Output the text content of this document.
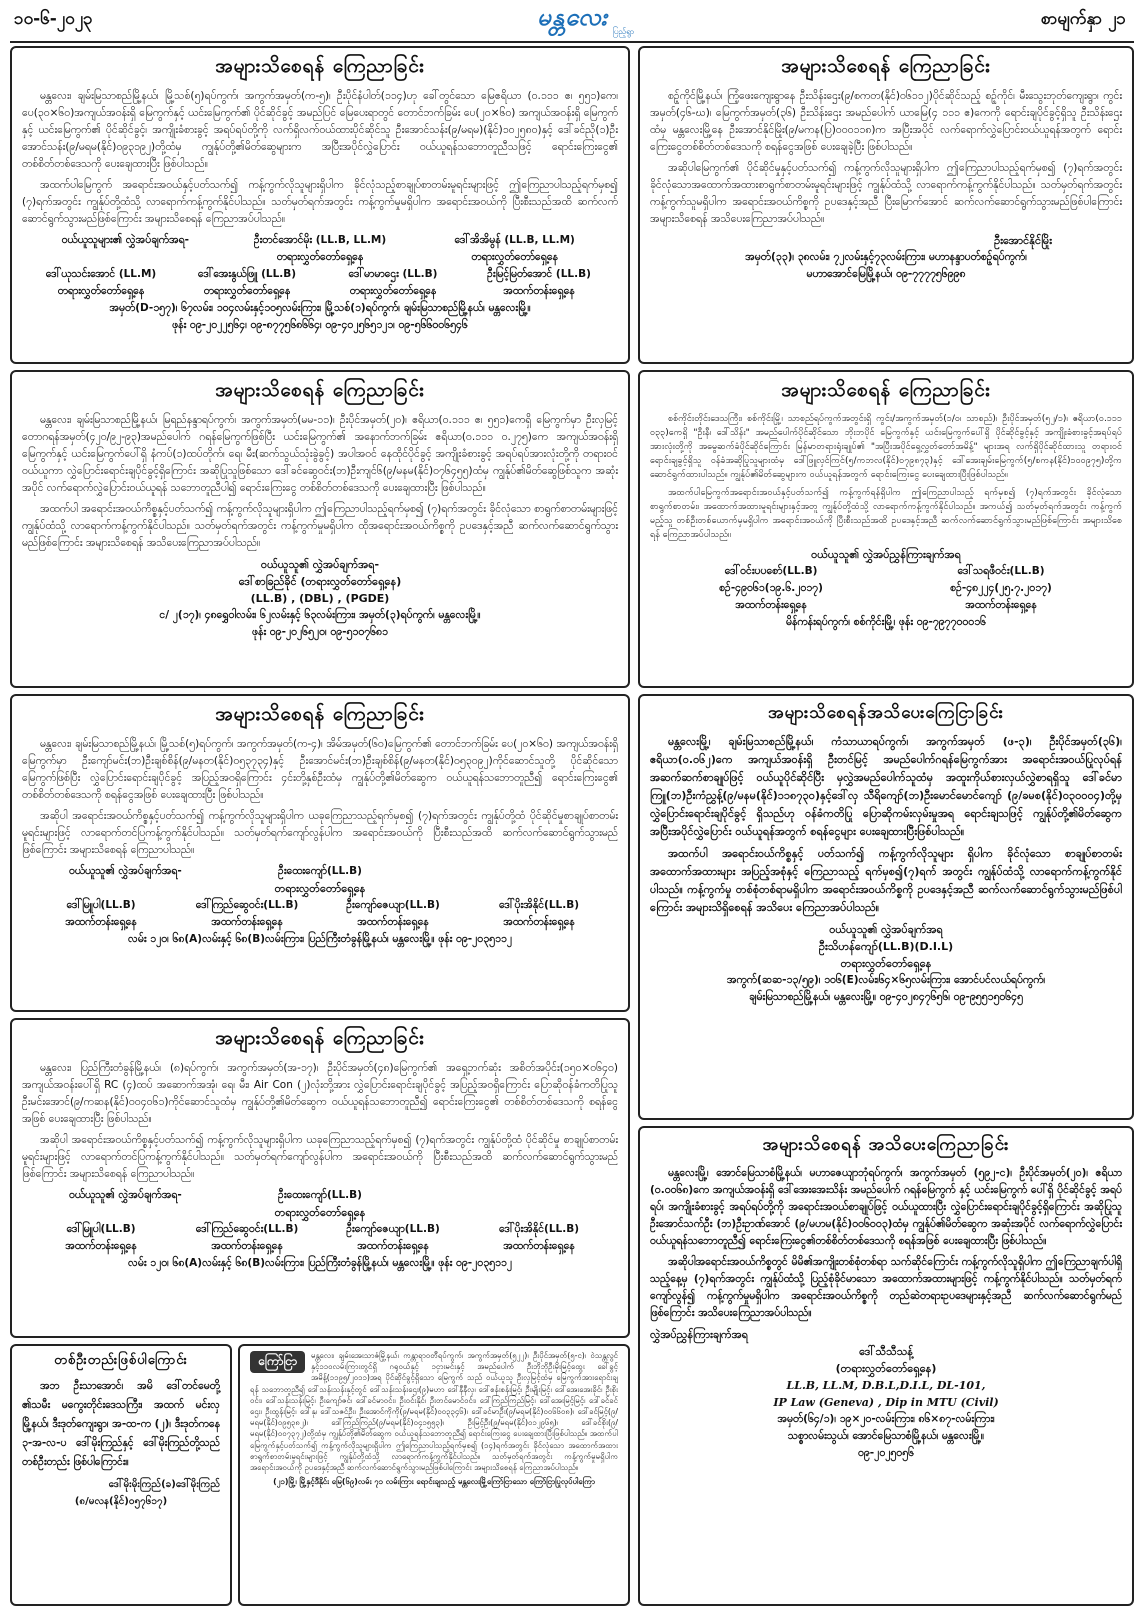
၁၀-၆-၂၀၂၃	မန္တလေး
ပြည့်ရွာ
စာမျက်နှာ ၂၁
အများသိစေရန် ကြေညာခြင်း

မန္တလေး၊ ချမ်းမြသာစည်မြို့နယ်၊ မြို့သစ်(၅)ရပ်ကွက်၊ အကွက်အမှတ်(က-၅)၊ ဦးပိုင်နံပါတ်(၁၁၄)ဟု ခေါ်တွင်သော မြေဧရိယာ (၀.၁၁၁ ဧ၊ ၅၅၁)ကေ၊ ပေ(၃၀×၆၀)အကျယ်အဝန်းရှိ မြေကွက်နှင့် ယင်းမြေကွက်၏ ပိုင်ဆိုင်ခွင့် အမည်ပြင် မြေပေးရာတွင် တောင်ဘက်ခြမ်း ပေ(၂၀×၆၀) အကျယ်အဝန်းရှိ မြေကွက်နှင့် ယင်းမြေကွက်၏ ပိုင်ဆိုင်ခွင့်၊ အကျိုးခံစားခွင့် အရပ်ရပ်တို့ကို လက်ရှိလက်ဝယ်ထားပိုင်ဆိုင်သူ ဦးအောင်သန်း(၉/မရမ)(နိုင်)၁၀၂၅၈၀)နှင့် ဒေါ်ခင်ညို(၁)ဦးအောင်သန်း(၉/မရမ(နိုင်)၀၉၃၁၉၂)တို့ထံမှ ကျွန်ုပ်တို့၏မိတ်ဆွေများက အပြီးအပိုင်လွှဲပြောင်း ဝယ်ယူရန်သဘောတူညီသဖြင့် ရောင်းကြေးငွေ၏ တစ်စိတ်တစ်ဒေသကို ပေးချေထားပြီး ဖြစ်ပါသည်။

အထက်ပါမြေကွက် အရောင်းအဝယ်နှင့်ပတ်သက်၍ ကန့်ကွက်လိုသူများရှိပါက ခိုင်လုံသည့်စာချုပ်စာတမ်းမူရင်းများဖြင့် ဤကြေညာပါသည့်ရက်မှစ၍ (၇)ရက်အတွင်း ကျွန်ုပ်တို့ထံသို့ လာရောက်ကန့်ကွက်နိုင်ပါသည်။ သတ်မှတ်ရက်အတွင်း ကန့်ကွက်မှုမရှိပါက အရောင်းအဝယ်ကို ပြီးစီးသည်အထိ ဆက်လက်ဆောင်ရွက်သွားမည်ဖြစ်ကြောင်း အများသိစေရန် ကြေညာအပ်ပါသည်။

ဝယ်ယူသူများ၏ လွှဲအပ်ချက်အရ-	ဦးတင်အောင်မိုး (LL.B, LL.M)	ဒေါ်အိအိမွန် (LL.B, LL.M)
တရားလွှတ်တော်ရှေ့နေ	တရားလွှတ်တော်ရှေ့နေ
ဒေါ်ယုသင်းအောင် (LL.M)	ဒေါ်အေးနွယ်ဖြူ (LL.B)	ဒေါ်မာမာဌေး (LL.B)	ဦးမြင့်မြတ်အောင် (LL.B)
တရားလွှတ်တော်ရှေ့နေ	တရားလွှတ်တော်ရှေ့နေ	တရားလွှတ်တော်ရှေ့နေ	အထက်တန်းရှေ့နေ
အမှတ်(D-၁၅၇)၊ ၆၇လမ်း၊ ၁၀၄လမ်းနှင့်၁၀၅လမ်းကြား၊ မြို့သစ်(၁)ရပ်ကွက်၊ ချမ်းမြသာစည်မြို့နယ်၊ မန္တလေးမြို့။
ဖုန်း ၀၉-၂၀၂၂၅၆၄၊ ၀၉-၈၇၇၅၆၈၆၆၄၊ ၀၉-၄၀၂၅၆၅၁၂၁၊ ၀၉-၅၆၆၀၀၆၅၄၆
အများသိစေရန် ကြေညာခြင်း

စဉ့်ကိုင်မြို့နယ်၊ ကြံ့ဖေးကျေးရွာနေ ဦးသိန်းဌေး(၉/စကတ(နိုင်)၀၆၁၁၂)ပိုင်ဆိုင်သည့် စဉ့်ကိုင်၊ မီးသွေးဘုတ်ကျေးရွာ၊ ကွင်းအမှတ်(၄၆-ဃ)၊ မြေကွက်အမှတ်(၃၆) ဦးသိန်းဌေး အမည်ပေါက် ယာမြေ(၄ ၁၁၁ ဧ)ကေကို ရောင်းချပိုင်ခွင့်ရှိသူ ဦးသိန်းဌေးထံမှ မန္တလေးမြို့နေ ဦးအောင်နိုင်မြိုး(၉/မကန(ပြ)၀၀၀၁၁၈)က အပြီးအပိုင် လက်ရောက်လွှဲပြောင်းဝယ်ယူရန်အတွက် ရောင်းကြေးငွေတစ်စိတ်တစ်ဒေသကို စရန်ငွေအဖြစ် ပေးချေခဲ့ပြီး ဖြစ်ပါသည်။

အဆိုပါမြေကွက်၏ ပိုင်ဆိုင်မှုနှင့်ပတ်သက်၍ ကန့်ကွက်လိုသူများရှိပါက ဤကြေညာပါသည့်ရက်မှစ၍ (၇)ရက်အတွင်း ခိုင်လုံသောအထောက်အထားစာရွက်စာတမ်းမူရင်းများဖြင့် ကျွန်ုပ်ထံသို့ လာရောက်ကန့်ကွက်နိုင်ပါသည်။ သတ်မှတ်ရက်အတွင်း ကန့်ကွက်သူမရှိပါက အရောင်းအဝယ်ကိစ္စကို ဥပဒေနှင့်အညီ ပြီးမြောက်အောင် ဆက်လက်ဆောင်ရွက်သွားမည်ဖြစ်ပါကြောင်း အများသိစေရန် အသိပေးကြေညာအပ်ပါသည်။

ဦးအောင်နိုင်မြိုး
အမှတ်(၃၃)၊ ၃၈လမ်း၊ ၇၂လမ်းနှင့်၇၃လမ်းကြား၊ မဟာနန္ဒာပတ်စဉ့်ရပ်ကွက်၊
မဟာအောင်မြေမြို့နယ်၊ ၀၉-၇၇၇၇၅၆၉၉၈
အများသိစေရန် ကြေညာခြင်း

မန္တလေး၊ ချမ်းမြသာစည်မြို့နယ်၊ မြရည်နန္ဒာရပ်ကွက်၊ အကွက်အမှတ်(မမ-၁၁)၊ ဦးပိုင်အမှတ်(၂၀)၊ ဧရိယာ(၀.၁၁၁ ဧ၊ ၅၅၁)ကေရှိ မြေကွက်မှာ ဦးလှမြင့် တောဂရန်အမှတ်(၄၂၀/၉၂-၉၃)အမည်ပေါက် ဂရန်မြေကွက်ဖြစ်ပြီး ယင်းမြေကွက်၏ အနောက်ဘက်ခြမ်း ဧရိယာ(၀.၁၁၁ ၀.၂၇၅)ကေ အကျယ်အဝန်းရှိ မြေကွက်နှင့် ယင်းမြေကွက်ပေါ်ရှိ နံကပ်(၁)ထပ်တိုက်၊ ရေ၊ မီး(ဆက်သွယ်သုံးခွဲခွင့်) အပါအဝင် နေထိုင်ပိုင်ခွင့် အကျိုးခံစားခွင့် အရပ်ရပ်အားလုံးတို့ကို တရားဝင်ဝယ်ယူကာ လွှဲပြောင်းရောင်းချပိုင်ခွင့်ရှိကြောင်း အဆိုပြုသူဖြစ်သော ဒေါ်ခင်ဆွေဝင်း(ဘ)ဦးကျင်၆(၉/မနမ(နိုင်)၀၇၆၄၅၅)ထံမှ ကျွန်ုပ်၏မိတ်ဆွေဖြစ်သူက အဆုံးအပိုင် လက်ရောက်လွှဲပြောင်းဝယ်ယူရန် သဘောတူညီပါ၍ ရောင်းကြေးငွေ တစ်စိတ်တစ်ဒေသကို ပေးချေထားပြီး ဖြစ်ပါသည်။

အထက်ပါ အရောင်းအဝယ်ကိစ္စနှင့်ပတ်သက်၍ ကန့်ကွက်လိုသူများရှိပါက ဤကြေညာပါသည့်ရက်မှစ၍ (၇)ရက်အတွင်း ခိုင်လုံသော စာရွက်စာတမ်းများဖြင့် ကျွန်ုပ်ထံသို့ လာရောက်ကန့်ကွက်နိုင်ပါသည်။ သတ်မှတ်ရက်အတွင်း ကန့်ကွက်မှုမရှိပါက ထိုအရောင်းအဝယ်ကိစ္စကို ဥပဒေနှင့်အညီ ဆက်လက်ဆောင်ရွက်သွားမည်ဖြစ်ကြောင်း အများသိစေရန် အသိပေးကြေညာအပ်ပါသည်။

ဝယ်ယူသူ၏ လွှဲအပ်ချက်အရ-
ဒေါ်စာခြည်ခိုင် (တရားလွှတ်တော်ရှေ့နေ)
(LL.B) , (DBL) , (PGDE)
င/ ၂(၁၇)၊ ၄၈ရွှေဝါလမ်း၊ ၆၂လမ်းနှင့် ၆၃လမ်းကြား၊ အမှတ်(၃)ရပ်ကွက်၊ မန္တလေးမြို့။
ဖုန်း ၀၉-၂၀၂၆၅၂၀၊ ၀၉-၅၁၀၇၆၈၁
အများသိစေရန် ကြေညာခြင်း

စစ်ကိုင်းတိုင်းဒေသကြီး၊ စစ်ကိုင်းမြို့၊ သာစည်ရပ်ကွက်အတွင်းရှိ ကွင်း/အကွက်အမှတ်(၁/၀၊ သာစည်)၊ ဦးပိုင်အမှတ်(၅၂/၁)၊ ဧရိယာ(၀.၁၁၁ ၀၃၃)ကေရှိ "ဦးနီ၊ ဒေါ်သိန်း" အမည်ပေါက်ပိုင်ဆိုင်သော ဘိုးဘပိုင် မြေကွက်နှင့် ယင်းမြေကွက်ပေါ်ရှိ ပိုင်ဆိုင်ခွင့်နှင့် အကျိုးခံစားခွင့်အရပ်ရပ်အားလုံးတို့ကို အမွေဆက်ခံပိုင်ဆိုင်ကြောင်း မြန်မာတရားရုံးချုပ်၏ "အပြီးအပိုင်ရှေ့လွှတ်တော်အမိန့်" များအရ လက်ရှိပိုင်ဆိုင်ထားသူ တရားဝင်ရောင်းချခွင့်ရှိသူ ဝန်ခံအဆိုပြုသူများထံမှ ဒေါ်ဖြူလှင်ကြင်(၅/ကဘလ(နိုင်)၀၇၉၈၇၃)နှင့် ဒေါ်အေးချမ်းမြေကွက်(၅/စကန(နိုင်)၁၀၀၉၇၅)တို့က ဆောင်ရွက်ထားပါသည်။ ကျွန်ုပ်၏မိတ်ဆွေများက ဝယ်ယူရန်အတွက် ရောင်းကြေးငွေ ပေးချေထားပြီးဖြစ်ပါသည်။

အထက်ပါမြေကွက်အရောင်းအဝယ်နှင့်ပတ်သက်၍ ကန့်ကွက်ရန်ရှိပါက ဤကြေညာပါသည့် ရက်မှစ၍ (၇)ရက်အတွင်း ခိုင်လုံသောစာရွက်စာတမ်း၊ အထောက်အထားမူရင်းများနှင့်အတူ ကျွန်ုပ်တို့ထံသို့ လာရောက်ကန့်ကွက်နိုင်ပါသည်။ အကယ်၍ သတ်မှတ်ရက်အတွင်း ကန့်ကွက်မည့်သူ တစ်ဦးတစ်ယောက်မှမရှိပါက အရောင်းအဝယ်ကို ပြီးစီးသည်အထိ ဥပဒေနှင့်အညီ ဆက်လက်ဆောင်ရွက်သွားမည်ဖြစ်ကြောင်း အများသိစေရန် ကြေညာအပ်ပါသည်။

ဝယ်ယူသူ၏ လွှဲအပ်ညွှန်ကြားချက်အရ
ဒေါ်ဝင်းပပစော်(LL.B)	ဒေါ်သရဖီဝင်း(LL.B)
စဉ်-၄၉၀၆၁(၁၉.၆.၂၀၁၇)	စဉ်-၄၈၂၂၄(၂၅.၇.၂၀၁၇)
အထက်တန်းရှေ့နေ	အထက်တန်းရှေ့နေ
မိန်ကန်းရပ်ကွက်၊ စစ်ကိုင်းမြို့၊ ဖုန်း ၀၉-၇၉၇၇၀၀၀၁၆
အများသိစေရန် ကြေညာခြင်း

မန္တလေး၊ ချမ်းမြသာစည်မြို့နယ်၊ မြို့သစ်(၅)ရပ်ကွက်၊ အကွက်အမှတ်(က-၄)၊ အိမ်အမှတ်(၆၀)မြေကွက်၏ တောင်ဘက်ခြမ်း ပေ(၂၀×၆၀) အကျယ်အဝန်းရှိ မြေကွက်မှာ ဦးကျော်မင်း(ဘ)ဦးချစ်စိန်(၉/မနတ(နိုင်)၀၅၃၇၃၄)နှင့် ဦးအောင်မင်း(ဘ)ဦးချစ်စိန်(၉/မနတ(နိုင်)၀၅၃၀၉၂)ကိုင်ဆောင်သူတို့ ပိုင်ဆိုင်သော မြေကွက်ဖြစ်ပြီး လွှဲပြောင်းရောင်းချပိုင်ခွင့် အပြည့်အဝရှိကြောင်း ၄င်းတို့နှစ်ဦးထံမှ ကျွန်ုပ်တို့၏မိတ်ဆွေက ဝယ်ယူရန်သဘောတူညီ၍ ရောင်းကြေးငွေ၏ တစ်စိတ်တစ်ဒေသကို စရန်ငွေအဖြစ် ပေးချေထားပြီး ဖြစ်ပါသည်။

အဆိုပါ အရောင်းအဝယ်ကိစ္စနှင့်ပတ်သက်၍ ကန့်ကွက်လိုသူများရှိပါက ယခုကြေညာသည့်ရက်မှစ၍ (၇)ရက်အတွင်း ကျွန်ုပ်တို့ထံ ပိုင်ဆိုင်မှုစာချုပ်စာတမ်းမူရင်းများဖြင့် လာရောက်တင်ပြကန့်ကွက်နိုင်ပါသည်။ သတ်မှတ်ရက်ကျော်လွန်ပါက အရောင်းအဝယ်ကို ပြီးစီးသည်အထိ ဆက်လက်ဆောင်ရွက်သွားမည်ဖြစ်ကြောင်း အများသိစေရန် ကြေညာပါသည်။

ဝယ်ယူသူ၏ လွှဲအပ်ချက်အရ-	ဦးထေးကျော်(LL.B)
တရားလွှတ်တော်ရှေ့နေ
ဒေါ်မြူပါ(LL.B)	ဒေါ်ကြည်ဆွေဝင်း(LL.B)	ဦးကျော်ဇေယျာ(LL.B)	ဒေါ်ပိုးအိနိုင်(LL.B)
အထက်တန်းရှေ့နေ	အထက်တန်းရှေ့နေ	အထက်တန်းရှေ့နေ	အထက်တန်းရှေ့နေ
လမ်း ၁၂၀၊ ၆၈(A)လမ်းနှင့် ၆၈(B)လမ်းကြား၊ ပြည်ကြီးတံခွန်မြို့နယ်၊ မန္တလေးမြို့။ ဖုန်း ၀၉-၂၀၃၅၁၁၂
အများသိစေရန်အသိပေးကြေငြာခြင်း

မန္တလေးမြို့၊ ချမ်းမြသာစည်မြို့နယ်၊ ကံသာယာရပ်ကွက်၊ အကွက်အမှတ် (ဖ-၃)၊ ဦးပိုင်အမှတ်(၃၆)၊ ဧရိယာ(၀.၀၆၂)ကေ အကျယ်အဝန်းရှိ ဦးတင်မြင့် အမည်ပေါက်ဂရန်မြေကွက်အား အရောင်းအဝယ်ပြုလုပ်ရန် အဆက်ဆက်စာချုပ်ဖြင့် ဝယ်ယူပိုင်ဆိုင်ပြီး မှလွှဲအမည်ပေါက်သူထံမှ အထူးကိုယ်စားလှယ်လွှဲစာရရှိသူ ဒေါ်ခင်မာကြူ(ဘ)ဦးကံညွှန့်(၉/မနမ(နိုင်)၁၁၈၇၃၀)နှင့်ဒေါ်လှ သီရိကျော်(ဘ)ဦးမောင်မောင်ကျော် (၉/ခမစ(နိုင်)၀၃၀၀၀၄)တို့မှ လွှဲပြောင်းရောင်းချပိုင်ခွင့် ရှိသည်ဟု ဝန်ခံကတိပြု ပြောဆိုကမ်းလှမ်းမှုအရ ရောင်းချသဖြင့် ကျွန်ုပ်တို့၏မိတ်ဆွေက အပြီးအပိုင်လွှဲပြောင်း ဝယ်ယူရန်အတွက် စရန်ငွေများ ပေးချေထားပြီးဖြစ်ပါသည်။

အထက်ပါ အရောင်းဝယ်ကိစ္စနှင့် ပတ်သက်၍ ကန့်ကွက်လိုသူများ ရှိပါက ခိုင်လုံသော စာချုပ်စာတမ်း အထောက်အထားများ အပြည့်အစုံနှင့် ကြေညာသည့် ရက်မှစ၍(၇)ရက် အတွင်း ကျွန်ုပ်ထံသို့ လာရောက်ကန့်ကွက်နိုင်ပါသည်။ ကန့်ကွက်မှု တစ်စုံတစ်ရာမရှိပါက အရောင်းအဝယ်ကိစ္စကို ဥပဒေနှင့်အညီ ဆက်လက်ဆောင်ရွက်သွားမည်ဖြစ်ပါကြောင်း အများသိရှိစေရန် အသိပေး ကြေညာအပ်ပါသည်။

ဝယ်ယူသူ၏ လွှဲအပ်ချက်အရ
ဦးသိဟန်ကျော်(LL.B)(D.I.L)
တရားလွှတ်တော်ရှေ့နေ
အကွက်(ဆဆ-၁၃/၅၉)၊ ၁၀၆(E)လမ်း၊၆၄×၆၅လမ်းကြား၊ အောင်ပင်လယ်ရပ်ကွက်၊
ချမ်းမြသာစည်မြို့နယ်၊ မန္တလေးမြို့။ ၀၉-၄၀၂၈၄၇၆၅၆၊ ၀၉-၉၅၅၁၅၀၆၄၅
အများသိစေရန် ကြေညာခြင်း

မန္တလေး၊ ပြည်ကြီးတံခွန်မြို့နယ်၊ (၈)ရပ်ကွက်၊ အကွက်အမှတ်(အ-၁၇)၊ ဦးပိုင်အမှတ်(၄၈)မြေကွက်၏ အရှေ့ဘက်ဆုံး အစိတ်အပိုင်း(၁၅၀×၀၆၄၀) အကျယ်အဝန်းပေါ်ရှိ RC (၄)ထပ် အဆောက်အအုံ၊ ရေ၊ မီး၊ Air Con (၂)လုံးတို့အား လွှဲပြောင်းရောင်းချပိုင်ခွင့် အပြည့်အဝရှိကြောင်း ပြောဆိုဝန်ခံကတိပြုသူ ဦးမင်းအောင်(၉/ကဆန(နိုင်)၀၀၄၀၆၁)ကိုင်ဆောင်သူထံမှ ကျွန်ုပ်တို့၏မိတ်ဆွေက ဝယ်ယူရန်သဘောတူညီ၍ ရောင်းကြေးငွေ၏ တစ်စိတ်တစ်ဒေသကို စရန်ငွေအဖြစ် ပေးချေထားပြီး ဖြစ်ပါသည်။

အဆိုပါ အရောင်းအဝယ်ကိစ္စနှင့်ပတ်သက်၍ ကန့်ကွက်လိုသူများရှိပါက ယခုကြေညာသည့်ရက်မှစ၍ (၇)ရက်အတွင်း ကျွန်ုပ်တို့ထံ ပိုင်ဆိုင်မှု စာချုပ်စာတမ်းမူရင်းများဖြင့် လာရောက်တင်ပြကန့်ကွက်နိုင်ပါသည်။ သတ်မှတ်ရက်ကျော်လွန်ပါက အရောင်းအဝယ်ကို ပြီးစီးသည်အထိ ဆက်လက်ဆောင်ရွက်သွားမည်ဖြစ်ကြောင်း အများသိစေရန် ကြေညာပါသည်။

ဝယ်ယူသူ၏ လွှဲအပ်ချက်အရ-	ဦးထေးကျော်(LL.B)
တရားလွှတ်တော်ရှေ့နေ
ဒေါ်မြူပါ(LL.B)	ဒေါ်ကြည်ဆွေဝင်း(LL.B)	ဦးကျော်ဇေယျာ(LL.B)	ဒေါ်ပိုးအိနိုင်(LL.B)
အထက်တန်းရှေ့နေ	အထက်တန်းရှေ့နေ	အထက်တန်းရှေ့နေ	အထက်တန်းရှေ့နေ
လမ်း ၁၂၀၊ ၆၈(A)လမ်းနှင့် ၆၈(B)လမ်းကြား၊ ပြည်ကြီးတံခွန်မြို့နယ်၊ မန္တလေးမြို့။ ဖုန်း ၀၉-၂၀၃၅၁၁၂
အများသိစေရန် အသိပေးကြေညာခြင်း

မန္တလေးမြို့၊ အောင်မြေသာစံမြို့နယ်၊ မဟာဇေယျာဘုံရပ်ကွက်၊ အကွက်အမှတ် (၅၉၂-င)၊ ဦးပိုင်အမှတ်(၂၀)၊ ဧရိယာ (၀.၀၀၆၈)ကေ အကျယ်အဝန်းရှိ ဒေါ်အေးအေးသိန်း အမည်ပေါက် ဂရန်မြေကွက် နှင့် ယင်းမြေကွက် ပေါ်ရှိ ပိုင်ဆိုင်ခွင့် အရပ်ရပ်၊ အကျိုးခံစားခွင့် အရပ်ရပ်တို့ကို အရောင်းအဝယ်စာချုပ်ဖြင့် ဝယ်ယူထားပြီး လွှဲပြောင်းရောင်းချပိုင်ခွင့်ရှိကြောင်း အဆိုပြုသူ ဦးအောင်သက်ဦး (ဘ)ဦးဥာဏ်အောင် (၉/မဟမ(နိုင်)၀၀၆၀၀၃)ထံမှ ကျွန်ုပ်၏မိတ်ဆွေက အဆုံးအပိုင် လက်ရောက်လွှဲပြောင်းဝယ်ယူရန်သဘောတူညီ၍ ရောင်းကြေးငွေ၏တစ်စိတ်တစ်ဒေသကို စရန်အဖြစ် ပေးချေထားပြီး ဖြစ်ပါသည်။

အဆိုပါအရောင်းအဝယ်ကိစ္စတွင် မိမိ၏အကျိုးတစ်စုံတစ်ရာ သက်ဆိုင်ကြောင်း ကန့်ကွက်လိုသူရှိပါက ဤကြေညာချက်ပါရှိသည့်နေ့မှ (၇)ရက်အတွင်း ကျွန်ုပ်ထံသို့ ပြည့်စုံခိုင်မာသော အထောက်အထားများဖြင့် ကန့်ကွက်နိုင်ပါသည်။ သတ်မှတ်ရက် ကျော်လွန်၍ ကန့်ကွက်မှုမရှိပါက အရောင်းအဝယ်ကိစ္စကို တည်ဆဲတရားဥပဒေများနှင့်အညီ ဆက်လက်ဆောင်ရွက်မည်ဖြစ်ကြောင်း အသိပေးကြေညာအပ်ပါသည်။

လွှဲအပ်ညွှန်ကြားချက်အရ
ဒေါ်သီသီသန့်
(တရားလွှတ်တော်ရှေ့နေ)
LL.B, LL.M, D.B.L,D.I.L, DL-101,
IP Law (Geneva) , Dip in MTU (Civil)
အမှတ်(၆၄/၁)၊ ၁၉×၂၀-လမ်းကြား၊ ၈၆×၈၇-လမ်းကြား၊
သစ္စာလမ်းသွယ်၊ အောင်မြေသာစံမြို့နယ်၊ မန္တလေးမြို့။
၀၉-၂၀၂၅၀၅၆
တစ်ဦးတည်းဖြစ်ပါကြောင်း

အဘ ဦးသာအောင်၊ အမိ ဒေါ်တင်မေတို့ ၏သမီး မကွေးတိုင်းဒေသကြီး၊ အထက် မင်းလှမြို့နယ်၊ ဒီးဒုတ်ကျေးရွာ၊ အ-ထ-က (၂)၊ ဒီးဒုတ်ကနေ ၃-အ-လ-ပ ဒေါ်မိုးကြည်နှင့် ဒေါ်မိုးကြည်တို့သည် တစ်ဦးတည်း ဖြစ်ပါကြောင်း။

ဒေါ်မိုးမိုးကြည်(ခ)ဒေါ်မိုးကြည်
(၈/မလန(နိုင်)၀၅၇၆၁၇)
ကြော်ငြာ	မန္တလေး၊ ချမ်းအေးသာဇံမြို့နယ်၊ ကန္တာရာဝတီရပ်ကွက်၊ အကွက်အမှတ်(၅၂၂)၊ ဦးပိုင်အမှတ်(၅-င)၊ ဝဲသန္တလွင်နှင့်၁၁၀လမ်းကြားတွင်ရှိ ဂရုဝယ်နှင့် ၁ငှားမင်းနှင့် အမည်ပေါက် ဦးဘိုဘိုဦးမိုးမြင့်ထွေး ခေါ်ခွင့်အမိန့်(၁၁၉၅/၂၀၁၁)အရ ပိုင်ဆိုင်ခွင့်ရှိသော မြေကွက် သည် ဝယ်ယူသူ ဦးလှမြင့်ထံမှ မြေကွက်အားရောင်းချရန် သဘောတူညီ၍ ဒေါ်သန်းသန်းနှင့်တွင် ဒေါ်သန်းသန်းဌေး(၉)မဟာ ဒေါ်နီနီလှ၊ ဒေါ်စန်းစန်းမြင့်၊ ဦးမျိုးမြင့်၊ ဒေါ်အေးအေးခိုင်၊ ဦးစိုးဝင်း၊ ဒေါ်သန်းသန်းမြင့်၊ ဦးကျော်ဇင်၊ ဒေါ်ခင်မာဝင်း၊ ဦးဝင်းနိုင်၊ ဦးတင်မောင်ဝင်း၊ ဒေါ်ကြည်ကြည်မြင့်၊ ဒေါ်အေးမြင့်မြင့်၊ ဒေါ်ခင်ခင်ဌေး၊ ဦးထွန်းမြင့်၊ ဒေါ်နု၊ ဒေါ်သဇင်ဦး၊ ဦးအောင်ကိုကို(၉/မရမ(နိုင်)၀၀၃၃၄၆)၊ ဒေါ်ခင်မာဦး(၉/မရမ(နိုင်)၀၀၆၆၀၈)၊ ဒေါ်ခင်မြင့်(၉/မရမ(နိုင်)၀၉၅၃၈၂)၊ ဒေါ်ကြည်ကြည်(၉/မရမ(နိုင်)၀၄၁၅၅၃)၊ ဦးမြင့်ဦး(၉/မရမ(နိုင်)၀၁၂၉၆၅)၊ ဒေါ်ခင်စိုး(၉/မရမ(နိုင်)၀၀၇၃၇၂)တို့ထံမှ ကျွန်ုပ်တို့၏မိတ်ဆွေက ဝယ်ယူရန်သဘောတူညီ၍ ရောင်းကြေးငွေ ပေးချေထားပြီးဖြစ်ပါသည်။ အထက်ပါမြေကွက်နှင့်ပတ်သက်၍ ကန့်ကွက်လိုသူများရှိပါက ဤကြေညာပါသည့်ရက်မှစ၍ (၁၄)ရက်အတွင်း ခိုင်လုံသော အထောက်အထားစာရွက်စာတမ်းမူရင်းများဖြင့် ကျွန်ုပ်တို့ထံသို့ လာရောက်ကန့်ကွက်နိုင်ပါသည်။ သတ်မှတ်ရက်အတွင်း ကန့်ကွက်မှုမရှိပါက အရောင်းအဝယ်ကို ဥပဒေနှင့်အညီ ဆက်လက်ဆောင်ရွက်သွားမည်ဖြစ်ပါကြောင်း အများသိစေရန် ကြေညာအပ်ပါသည်။

(၂၁)မြို့၊ မြို့နှင့်ဒီနိုင်း မြေ(၆၉)လမ်း ၇၁ လမ်းကြား ရောင်းချသည့် မန္တလေးမြို့ကြော်ငြာသော ကြော်ငြာပြုလုပ်ပါကြော
